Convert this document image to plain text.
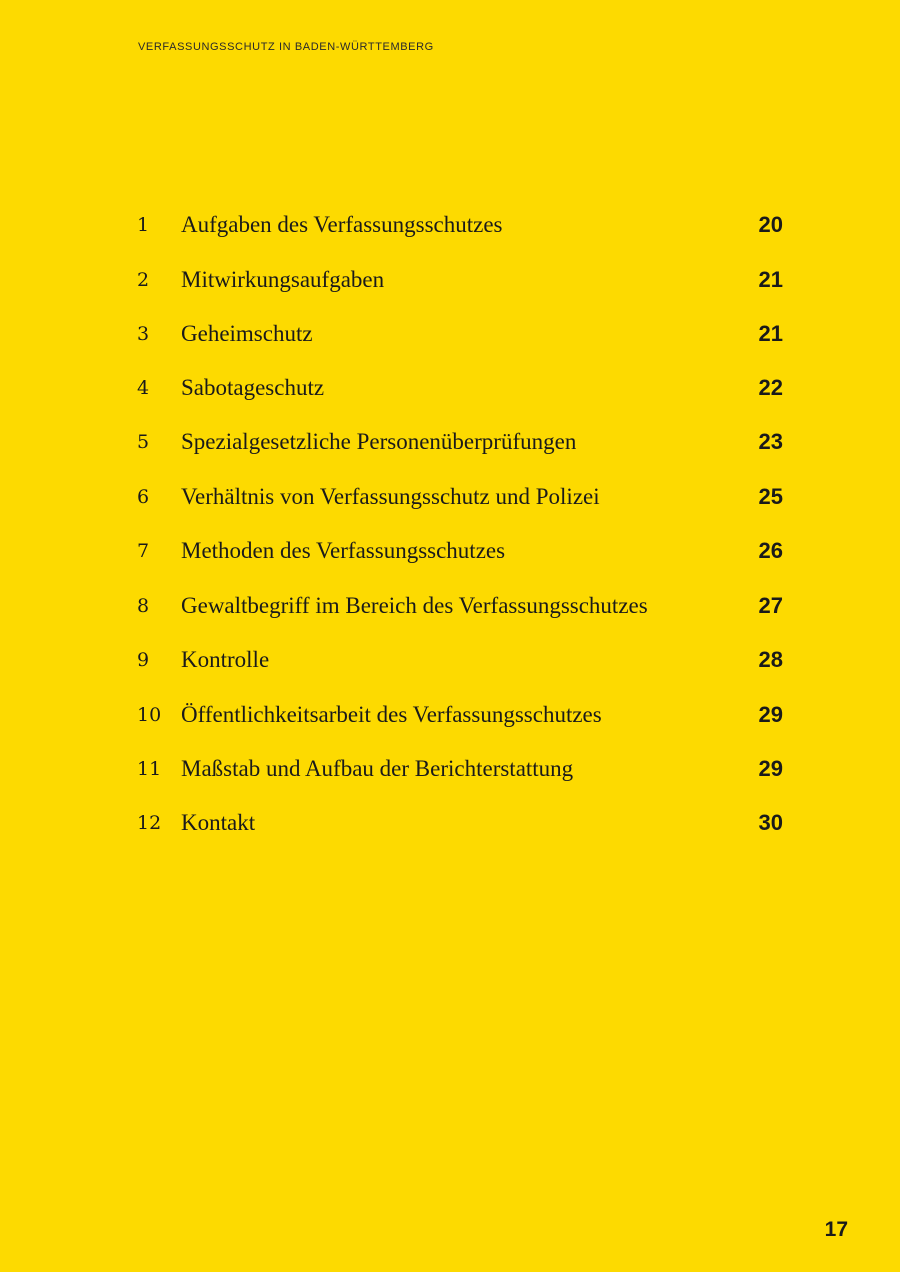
VERFASSUNGSSCHUTZ IN BADEN-WÜRTTEMBERG
1 Aufgaben des Verfassungsschutzes	20
2 Mitwirkungsaufgaben	21
3 Geheimschutz	21
4 Sabotageschutz	22
5 Spezialgesetzliche Personenüberprüfungen	23
6 Verhältnis von Verfassungsschutz und Polizei	25
7 Methoden des Verfassungsschutzes	26
8 Gewaltbegriff im Bereich des Verfassungsschutzes	27
9 Kontrolle	28
10 Öffentlichkeitsarbeit des Verfassungsschutzes	29
11 Maßstab und Aufbau der Berichterstattung	29
12 Kontakt	30
17
